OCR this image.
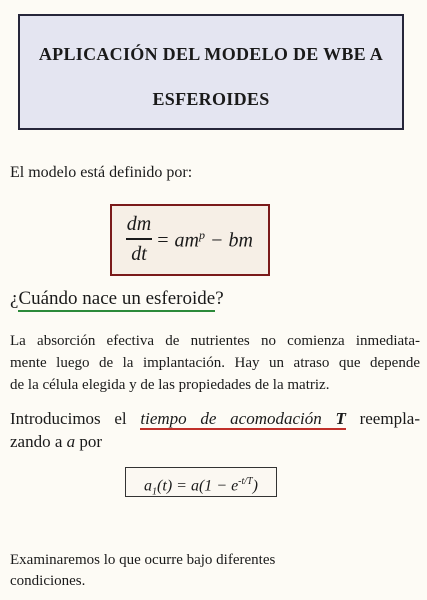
APLICACIÓN DEL MODELO DE WBE A
ESFEROIDES
El modelo está definido por:
dm
dt
= $am^p$ − bm
¿Cuándo nace un esferoide?
La absorción efectiva de nutrientes no comienza inmediata-
mente luego de la implantación. Hay un atraso que depende
de la célula elegida y de las propiedades de la matriz.
Introducimos el tiempo de acomodación T reempla-
zando a a por
$a_1(t) = a(1 - e^{-t/T})$
Examinaremos lo que ocurre bajo diferentes
condiciones.
